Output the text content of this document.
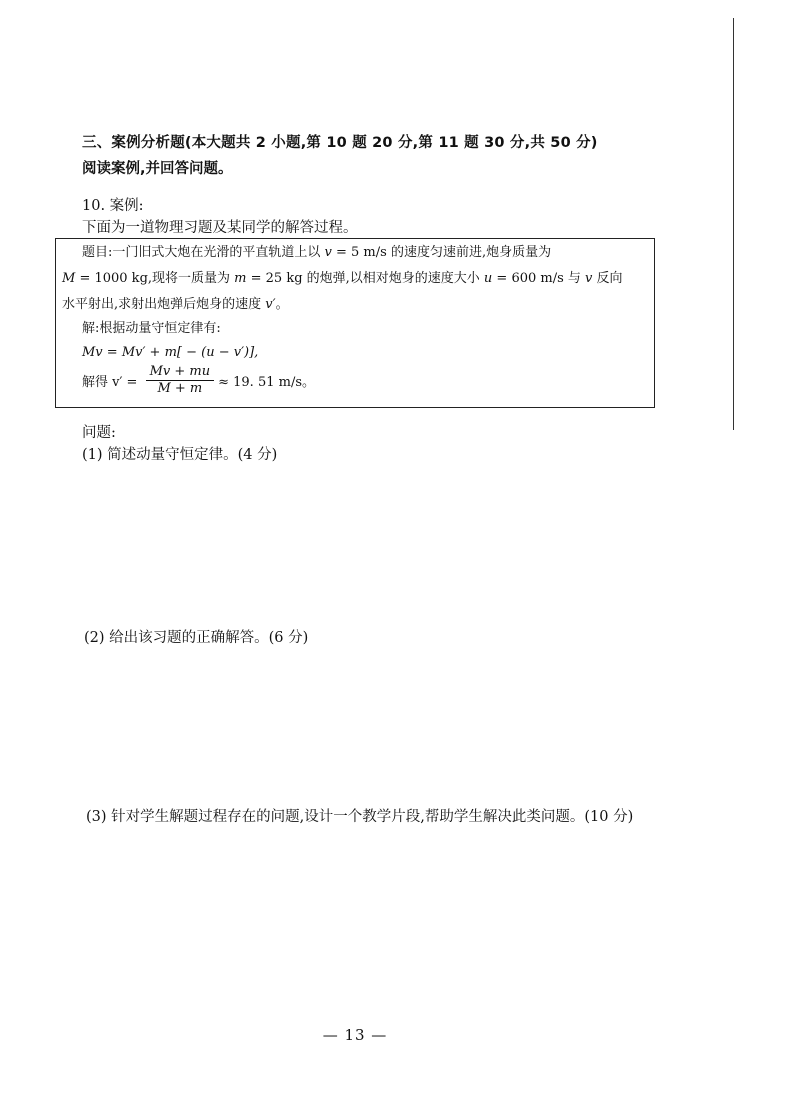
三、案例分析题(本大题共 2 小题,第 10 题 20 分,第 11 题 30 分,共 50 分)
阅读案例,并回答问题。
10. 案例:
下面为一道物理习题及某同学的解答过程。
题目:一门旧式大炮在光滑的平直轨道上以 v = 5 m/s 的速度匀速前进,炮身质量为
M = 1000 kg,现将一质量为 m = 25 kg 的炮弹,以相对炮身的速度大小 u = 600 m/s 与 v 反向
水平射出,求射出炮弹后炮身的速度 v′。
解:根据动量守恒定律有:
Mv = Mv′ + m[ − (u − v′)],
解得 $v' = \frac{Mv + mu}{M + m} \approx 19$. 51 m/s。
问题:
(1) 简述动量守恒定律。(4 分)
(2) 给出该习题的正确解答。(6 分)
(3) 针对学生解题过程存在的问题,设计一个教学片段,帮助学生解决此类问题。(10 分)
— 13 —
